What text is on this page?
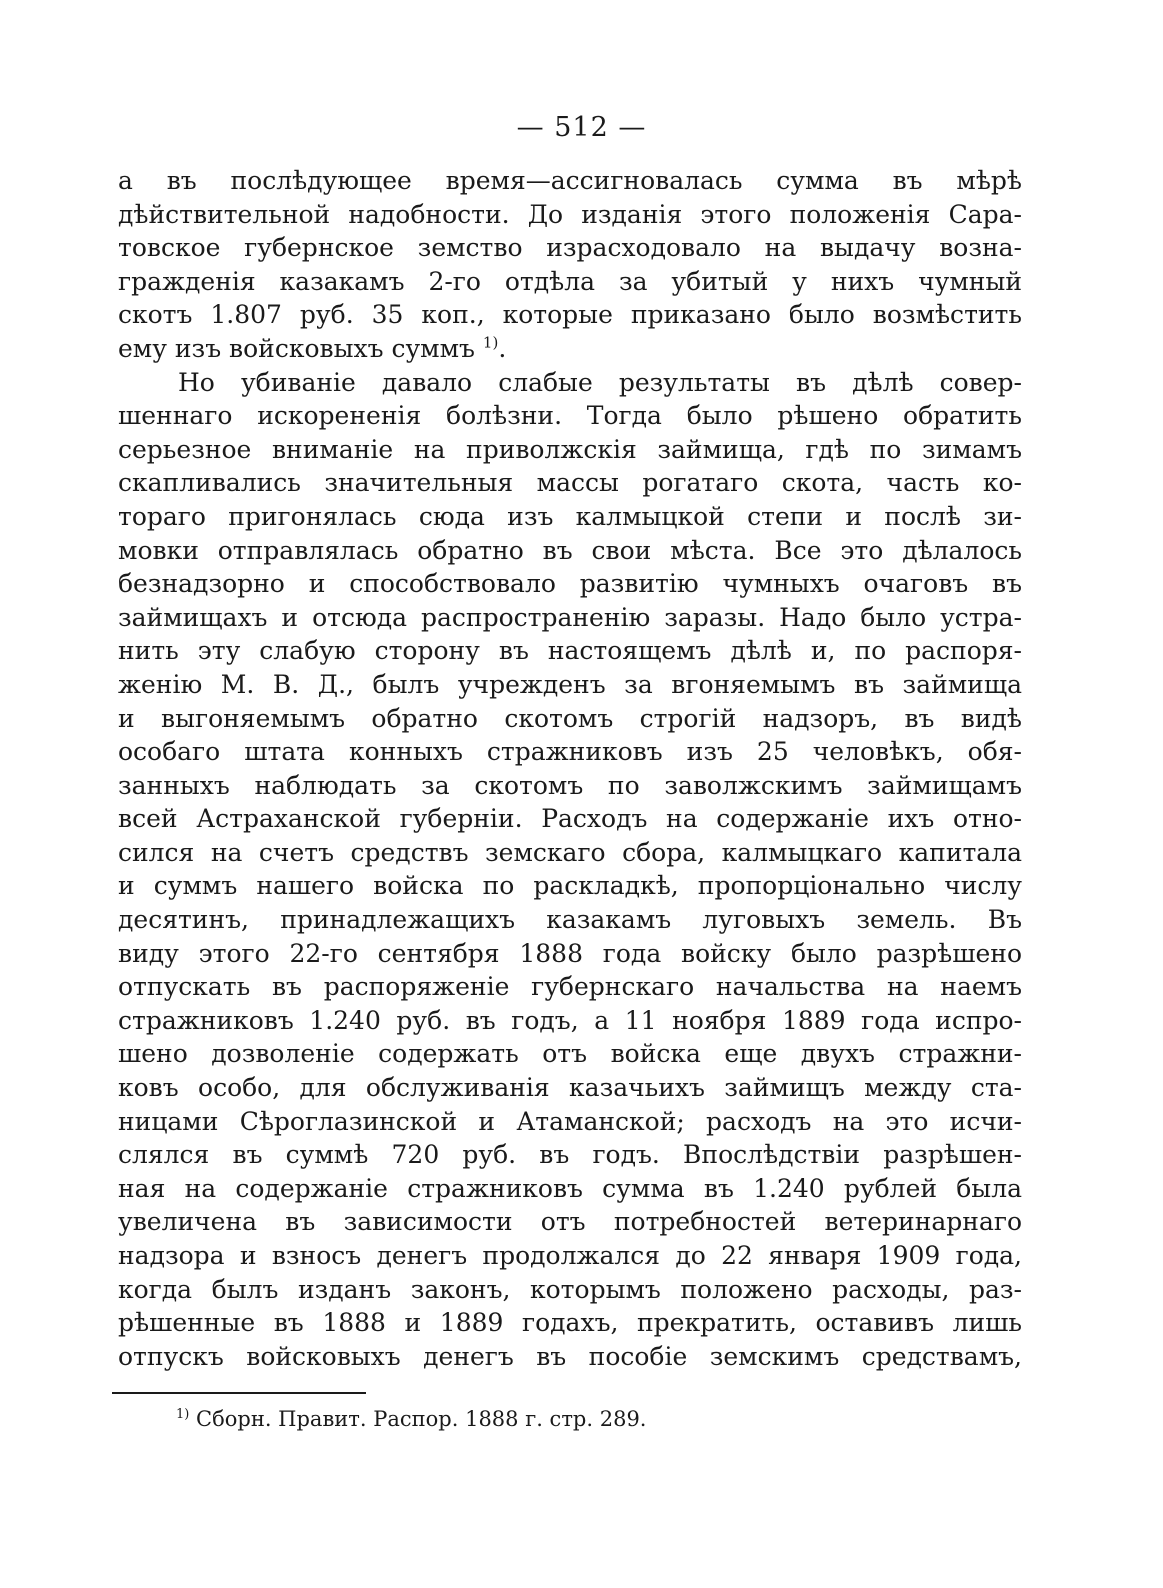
— 512 —
а въ послѣдующее время—ассигновалась сумма въ мѣрѣ
дѣйствительной надобности. До изданія этого положенія Сара-
товское губернское земство израсходовало на выдачу возна-
гражденія казакамъ 2-го отдѣла за убитый у нихъ чумный
скотъ 1.807 руб. 35 коп., которые приказано было возмѣстить
ему изъ войсковыхъ суммъ $^{1)}$.
Но убиваніе давало слабые результаты въ дѣлѣ совер-
шеннаго искорененія болѣзни. Тогда было рѣшено обратить
серьезное вниманіе на приволжскія займища, гдѣ по зимамъ
скапливались значительныя массы рогатаго скота, часть ко-
тораго пригонялась сюда изъ калмыцкой степи и послѣ зи-
мовки отправлялась обратно въ свои мѣста. Все это дѣлалось
безнадзорно и способствовало развитію чумныхъ очаговъ въ
займищахъ и отсюда распространенію заразы. Надо было устра-
нить эту слабую сторону въ настоящемъ дѣлѣ и, по распоря-
женію М. В. Д., былъ учрежденъ за вгоняемымъ въ займища
и выгоняемымъ обратно скотомъ строгій надзоръ, въ видѣ
особаго штата конныхъ стражниковъ изъ 25 человѣкъ, обя-
занныхъ наблюдать за скотомъ по заволжскимъ займищамъ
всей Астраханской губерніи. Расходъ на содержаніе ихъ отно-
сился на счетъ средствъ земскаго сбора, калмыцкаго капитала
и суммъ нашего войска по раскладкѣ, пропорціонально числу
десятинъ, принадлежащихъ казакамъ луговыхъ земель. Въ
виду этого 22-го сентября 1888 года войску было разрѣшено
отпускать въ распоряженіе губернскаго начальства на наемъ
стражниковъ 1.240 руб. въ годъ, а 11 ноября 1889 года испро-
шено дозволеніе содержать отъ войска еще двухъ стражни-
ковъ особо, для обслуживанія казачьихъ займищъ между ста-
ницами Сѣроглазинской и Атаманской; расходъ на это исчи-
слялся въ суммѣ 720 руб. въ годъ. Впослѣдствіи разрѣшен-
ная на содержаніе стражниковъ сумма въ 1.240 рублей была
увеличена въ зависимости отъ потребностей ветеринарнаго
надзора и взносъ денегъ продолжался до 22 января 1909 года,
когда былъ изданъ законъ, которымъ положено расходы, раз-
рѣшенные въ 1888 и 1889 годахъ, прекратить, оставивъ лишь
отпускъ войсковыхъ денегъ въ пособіе земскимъ средствамъ,
$^{1)}$ Сборн. Правит. Распор. 1888 г. стр. 289.
